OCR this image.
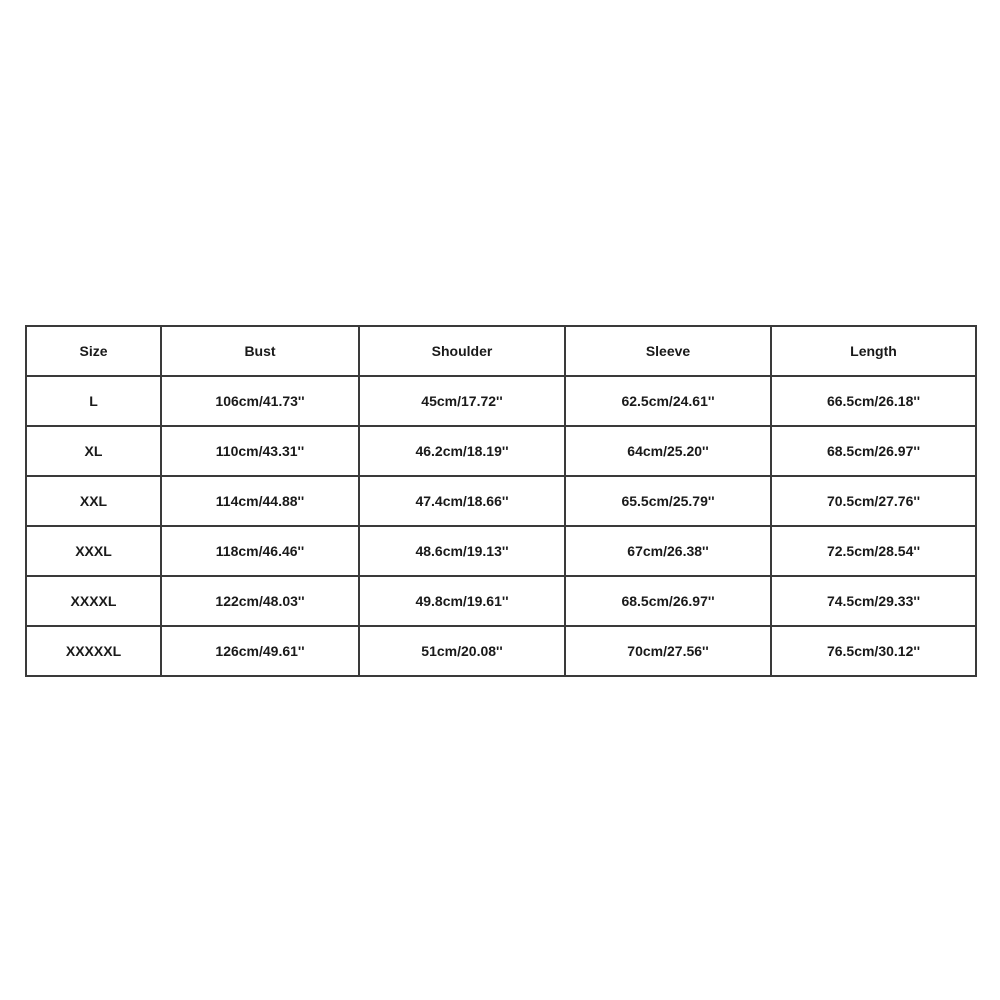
Size	Bust	Shoulder	Sleeve	Length
L	106cm/41.73''	45cm/17.72''	62.5cm/24.61''	66.5cm/26.18''
XL	110cm/43.31''	46.2cm/18.19''	64cm/25.20''	68.5cm/26.97''
XXL	114cm/44.88''	47.4cm/18.66''	65.5cm/25.79''	70.5cm/27.76''
XXXL	118cm/46.46''	48.6cm/19.13''	67cm/26.38''	72.5cm/28.54''
XXXXL	122cm/48.03''	49.8cm/19.61''	68.5cm/26.97''	74.5cm/29.33''
XXXXXL	126cm/49.61''	51cm/20.08''	70cm/27.56''	76.5cm/30.12''
